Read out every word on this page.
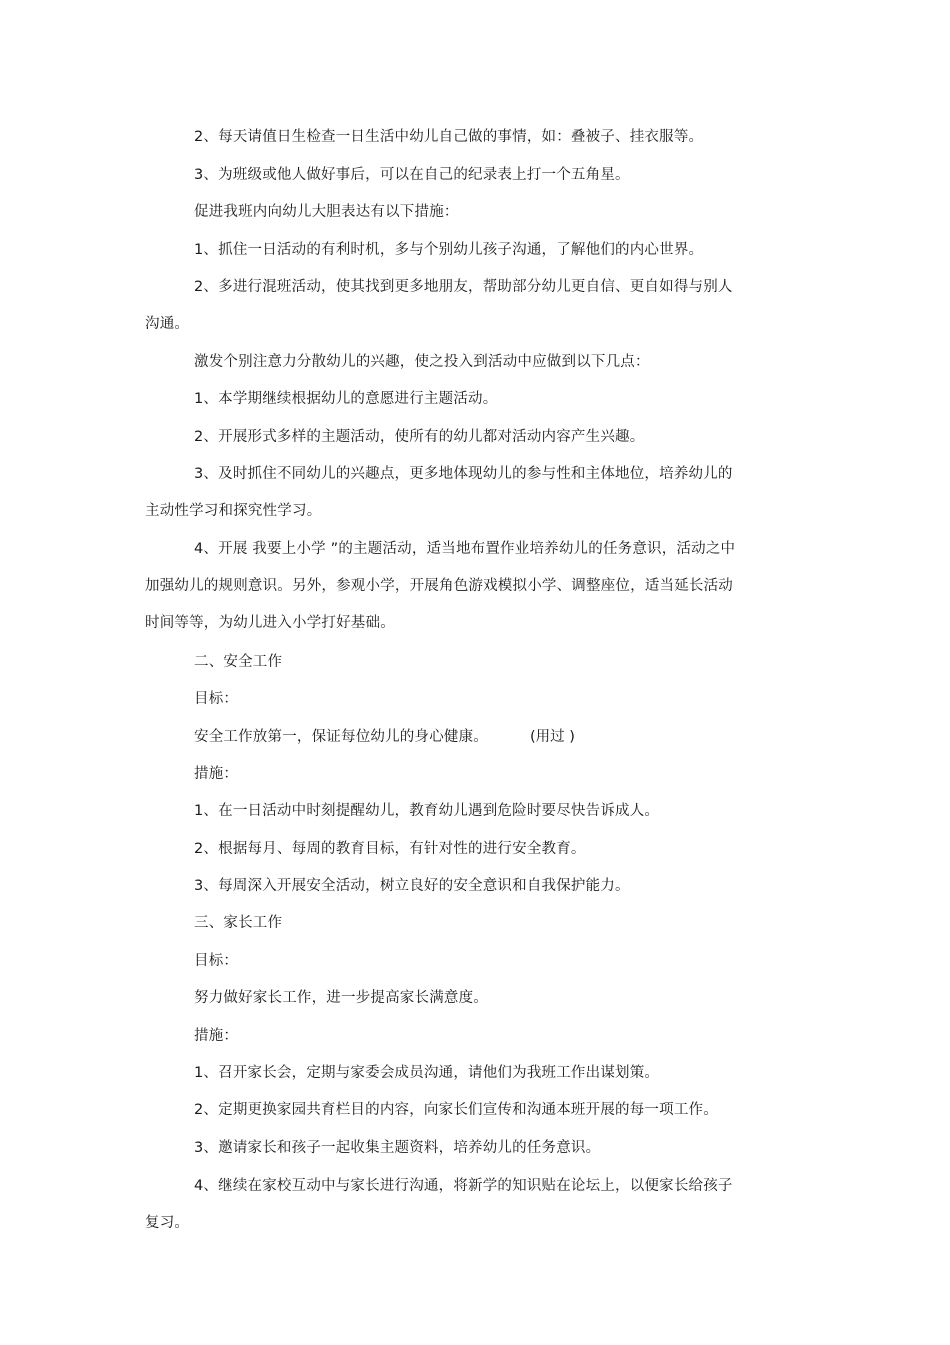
2、每天请值日生检查一日生活中幼儿自己做的事情，如：叠被子、挂衣服等。
3、为班级或他人做好事后，可以在自己的纪录表上打一个五角星。
促进我班内向幼儿大胆表达有以下措施：
1、抓住一日活动的有利时机，多与个别幼儿孩子沟通，了解他们的内心世界。
2、多进行混班活动，使其找到更多地朋友，帮助部分幼儿更自信、更自如得与别人
沟通。
激发个别注意力分散幼儿的兴趣，使之投入到活动中应做到以下几点：
1、本学期继续根据幼儿的意愿进行主题活动。
2、开展形式多样的主题活动，使所有的幼儿都对活动内容产生兴趣。
3、及时抓住不同幼儿的兴趣点，更多地体现幼儿的参与性和主体地位，培养幼儿的
主动性学习和探究性学习。
4、开展 我要上小学 ”的主题活动，适当地布置作业培养幼儿的任务意识，活动之中
加强幼儿的规则意识。另外，参观小学，开展角色游戏模拟小学、调整座位，适当延长活动
时间等等，为幼儿进入小学打好基础。
二、安全工作
目标：
安全工作放第一，保证每位幼儿的身心健康。	(用过 )
措施：
1、在一日活动中时刻提醒幼儿，教育幼儿遇到危险时要尽快告诉成人。
2、根据每月、每周的教育目标，有针对性的进行安全教育。
3、每周深入开展安全活动，树立良好的安全意识和自我保护能力。
三、家长工作
目标：
努力做好家长工作，进一步提高家长满意度。
措施：
1、召开家长会，定期与家委会成员沟通，请他们为我班工作出谋划策。
2、定期更换家园共育栏目的内容，向家长们宣传和沟通本班开展的每一项工作。
3、邀请家长和孩子一起收集主题资料，培养幼儿的任务意识。
4、继续在家校互动中与家长进行沟通，将新学的知识贴在论坛上，以便家长给孩子
复习。
